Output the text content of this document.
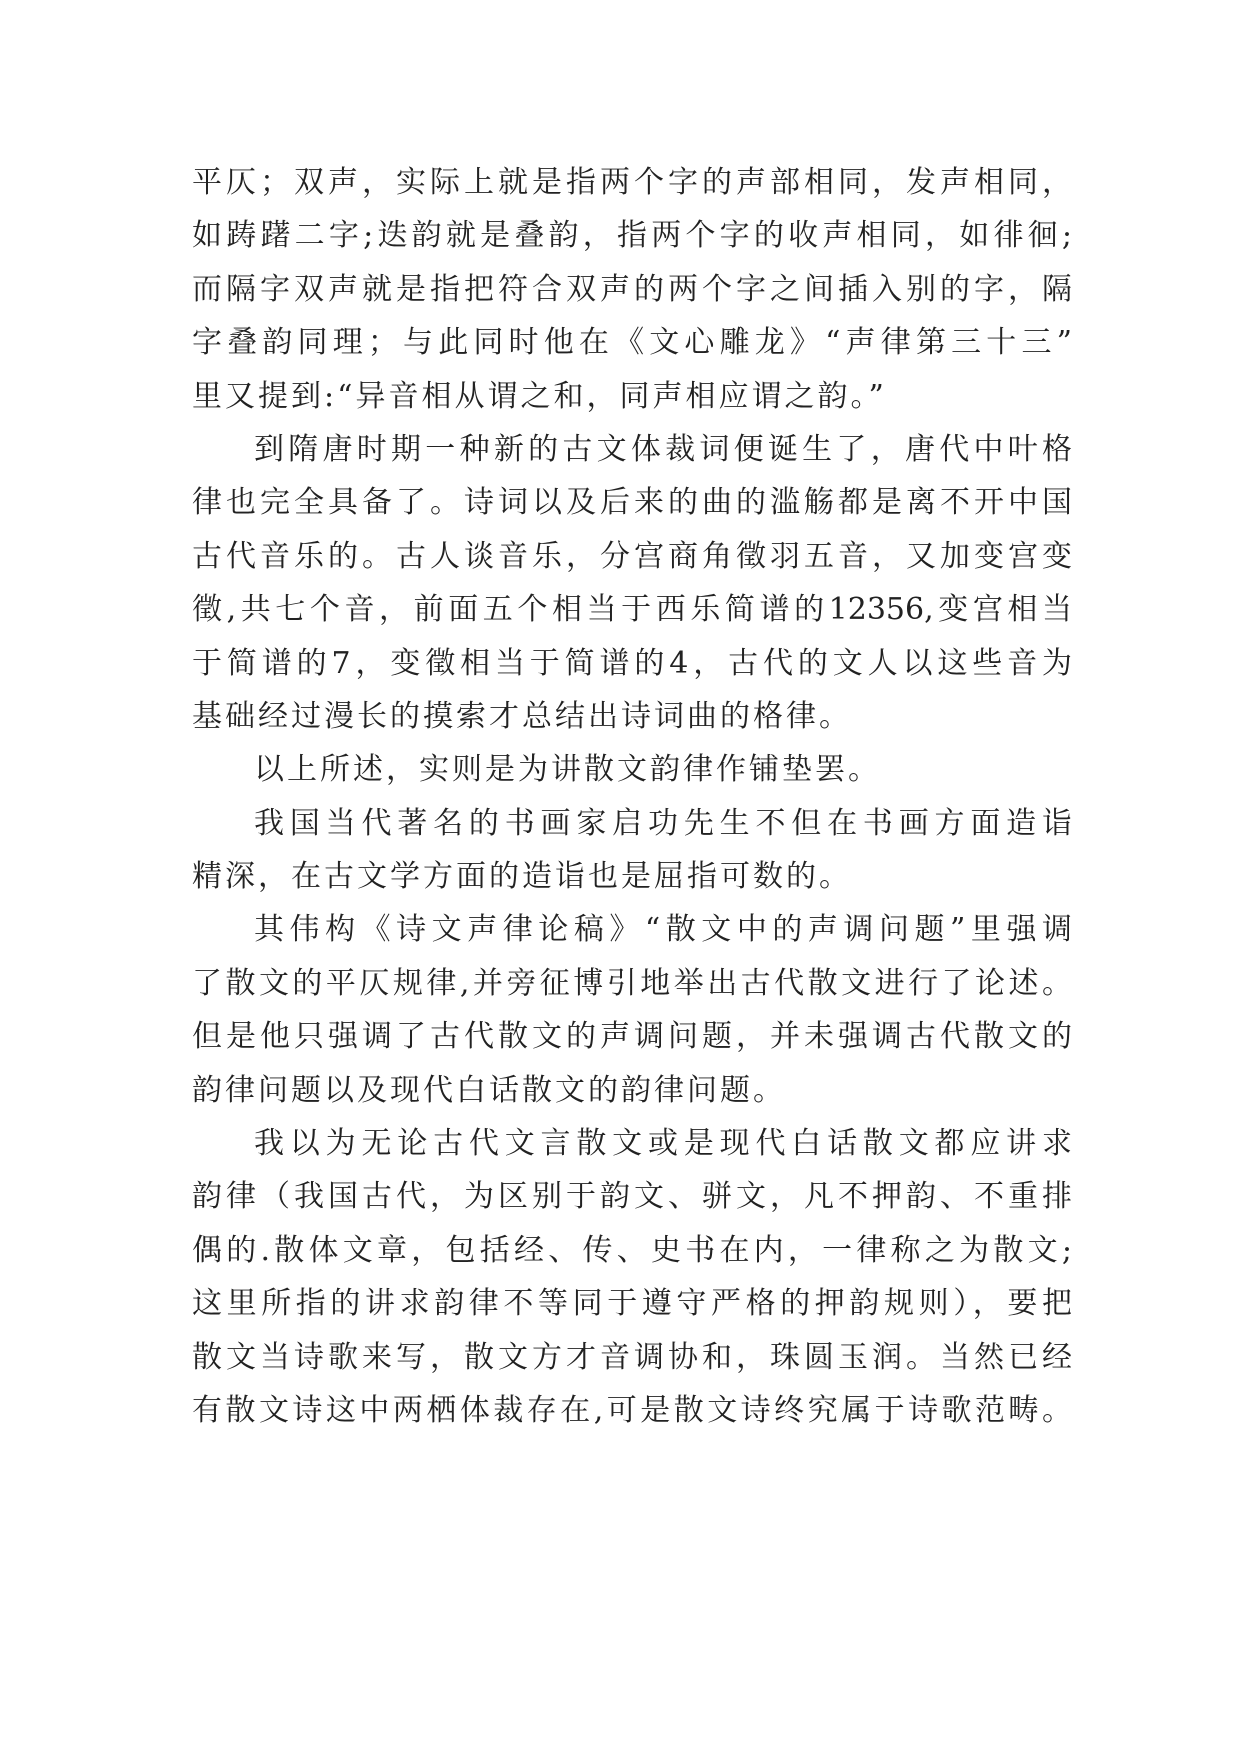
平仄；双声，实际上就是指两个字的声部相同，发声相同，
如踌躇二字;迭韵就是叠韵，指两个字的收声相同，如徘徊;
而隔字双声就是指把符合双声的两个字之间插入别的字，隔
字叠韵同理；与此同时他在《文心雕龙》“声律第三十三”
里又提到:“异音相从谓之和，同声相应谓之韵。”
到隋唐时期一种新的古文体裁词便诞生了，唐代中叶格
律也完全具备了。诗词以及后来的曲的滥觞都是离不开中国
古代音乐的。古人谈音乐，分宫商角徵羽五音，又加变宫变
徵,共七个音，前面五个相当于西乐简谱的12356,变宫相当
于简谱的7，变徵相当于简谱的4，古代的文人以这些音为
基础经过漫长的摸索才总结出诗词曲的格律。
以上所述，实则是为讲散文韵律作铺垫罢。
我国当代著名的书画家启功先生不但在书画方面造诣
精深，在古文学方面的造诣也是屈指可数的。
其伟构《诗文声律论稿》“散文中的声调问题”里强调
了散文的平仄规律,并旁征博引地举出古代散文进行了论述。
但是他只强调了古代散文的声调问题，并未强调古代散文的
韵律问题以及现代白话散文的韵律问题。
我以为无论古代文言散文或是现代白话散文都应讲求
韵律（我国古代，为区别于韵文、骈文，凡不押韵、不重排
偶的.散体文章，包括经、传、史书在内，一律称之为散文;
这里所指的讲求韵律不等同于遵守严格的押韵规则），要把
散文当诗歌来写，散文方才音调协和，珠圆玉润。当然已经
有散文诗这中两栖体裁存在,可是散文诗终究属于诗歌范畴。
